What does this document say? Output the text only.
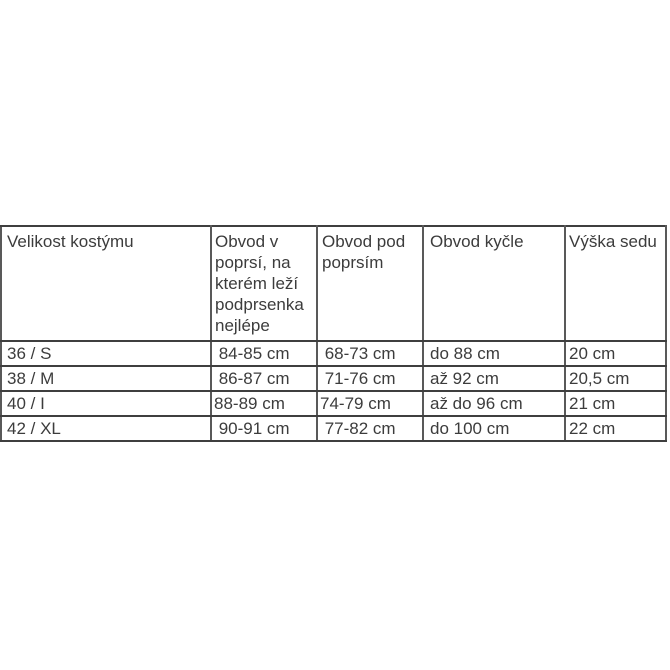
Velikost kostýmu	Obvod v poprsí, na kterém leží podprsenka nejlépe	Obvod pod poprsím	Obvod kyčle	Výška sedu
36 / S	84-85 cm	68-73 cm	do 88 cm	20 cm
38 / M	86-87 cm	71-76 cm	až 92 cm	20,5 cm
40 / I	88-89 cm	74-79 cm	až do 96 cm	21 cm
42 / XL	90-91 cm	77-82 cm	do 100 cm	22 cm
